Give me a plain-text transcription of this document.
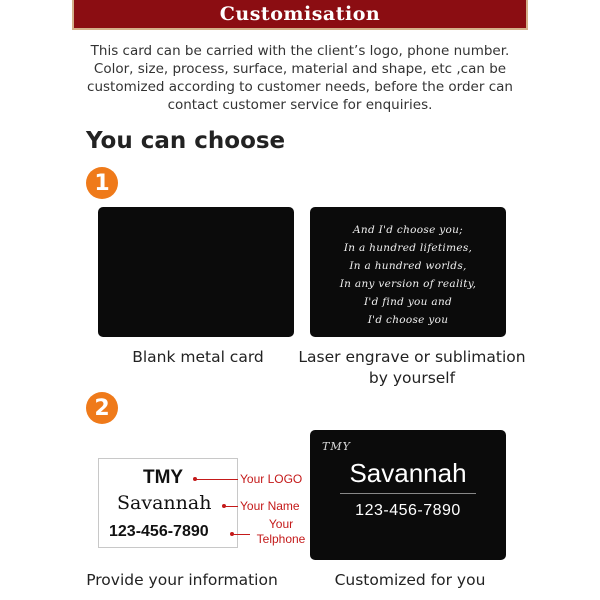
Customisation

This card can be carried with the client’s logo, phone number.

Color, size, process, surface, material and shape, etc ,can be

customized according to customer needs, before the order can

contact customer service for enquiries.

You can choose
1
Blank metal card
And I'd choose you;
In a hundred lifetimes,
In a hundred worlds,
In any version of reality,
I'd find you and
I'd choose you
Laser engrave or sublimation
by yourself
2
TMY
Savannah
123-456-7890
Your LOGO
Your Name
Your
Telphone
TMY
Savannah
123-456-7890
Provide your information	Customized for you
